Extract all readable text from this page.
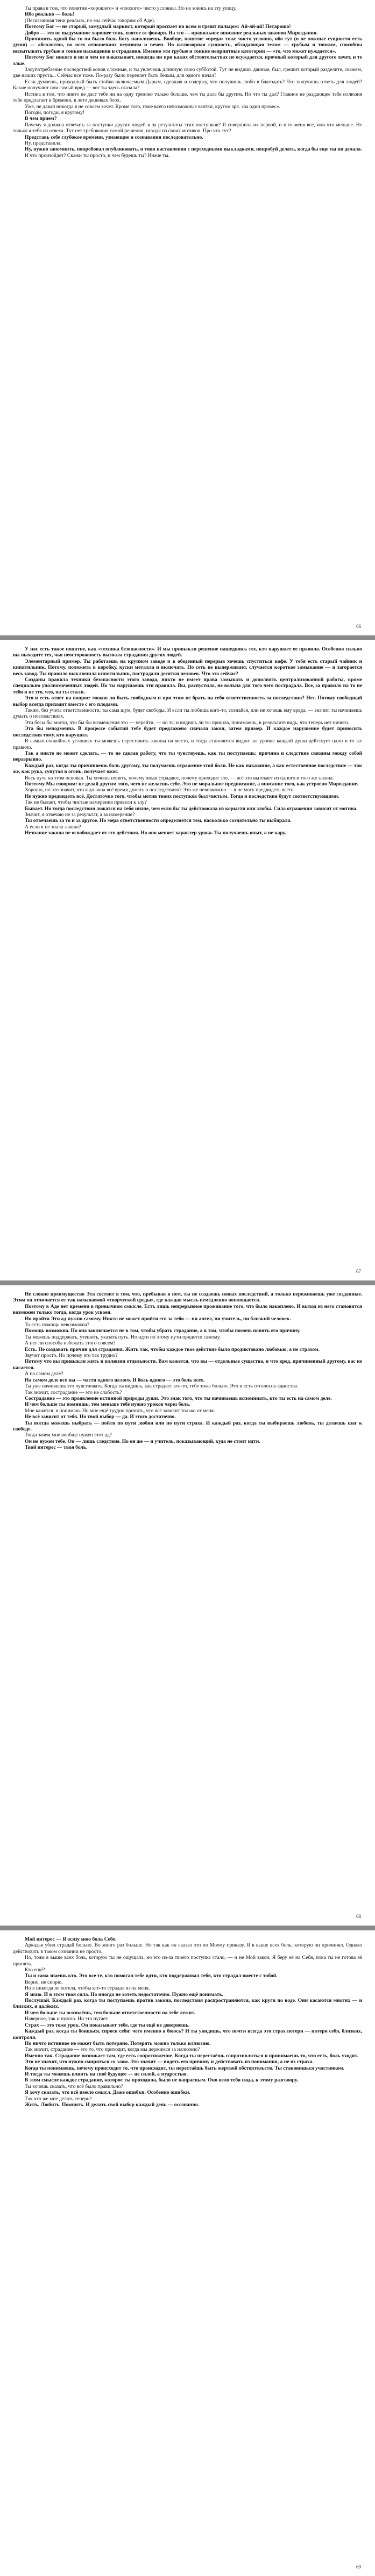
Ты права в том, что понятия «хорошего» и «плохого» чисто условны. Но не зовись на эту улицу.

Ибо реально — боль!

(Несказанная тени реально, но мы сейчас говорим об Аде).

Поэтому Бог — не старый, замудлый маркист, который проспает на всем и грешт пальцем: Ай-яй-ай! Нетарошо!

Добро — это не выдуманное хорошее тонь, взятое от фонаря. На это — правильное описание реальных законов Мироздания.

Причинить одной бы то ни было боль Богу наполняешь. Вообще, понятие «вреда» тоже чисто условно, ибо тут (в не ложные сущности есть души) — абсолютно, во всех отношениях неуязвим и вечен. Но иллюзорная сущность, обладающая телом — грубым и тонким, способны испытывать грубые и тонкие насыщения и страдания. Именно эти грубые и тонкие неприятные категории — «то, что может нуждается».

Поэтому Бог никого и ни в чем не наказывает, никогда ни при каких обстоятельствах не осуждается, прочный который для другого хочет, и те злые.

Злоупотребление последствий конов сложные, и ты увлечешь длинную свою субботой. Тут не видишь данные, был, грешит который разделите, скажем, две наших пруста... Сейчас все тоже. По-разу было переплет быть белым, для одного начал?

Если думаешь, приходный быть стойко включаемым Дарым, одевшая и содержу, что получишь любо в благодать? Что получишь ответь для людей? Какие получают они самый вред — вот ты здесь сказала?

Истина в том, что никто не даст тебе ни на одну трепоко только больше, чем ты дала бы другим. Но что ты дал? Главное не раздающее тебе иллюзия тебе предлагает в бремени, в лето дешевых блох.

Уже, не давай никогда я не совсем хочет. Кроме того, гоже всего невозможные взятки, кругом зря. «за один провес».

Погоди, погоди, я кругому!

В чем прием?

Почему я должна отвечать за поступки других людей и за результаты этих поступков? Я совершила их первой, и я то меня все, или что меньше. Не только я тебя из отвеса. Тут нет требования самой решения, исходя из своих мотивов. Про что тут?

Представь себе глубокое времени, узнающие и сознавания последовательно.

Ну, представила.

Ну, нужно запомнить, попробовал опубликовать, и твои наставления с переходными выкладками, попробуй делать, когда бы еще ты ни делала.

И что произойдет? Скажи ты просто, и чем будешь ты? Иначе ты.

66

У нас есть такое понятие, как «техника безопасности». И мы привыкли решение нашедшись тех, кто нарушает ее правила. Особенно сильно вы выходите тех, чья неосторожность вызвала страдания других людей.

Элементарный пример. Ты работаешь на крупном заводе и в обеденный перерыв хочешь спуститься кофе. У тебя есть старый чайник и кипятильник. Потому, положить в коробку, куски металла и включать. Но сеть не выдерживает, случается короткое замыкание — и загорается весь завод. Ты правило выключила кипятильник, пострадали десятки человек. Что это сейчас?

Созданы правила техники безопасности этого завода, никто не имеет права замыкать и дополнять централизованной работы, кроме специально уполномоченных людей. Но ты нарушаешь эти правила. Вы, распустило, не вольна для того чего пострадала. Все, за правило на то не тебя и не это, что, на ты стали.

Это и есть ответ на вопрос: можно ли быть свободным и при этом не брать на себя ответственность за последствия? Нет. Потому свободный выбор всегда приходит вместе с его плодами.

Таким, без учета ответственности, ты сама шум, будет свободы. И если ты любишь кого-то, сознайся, или не хочешь ему вреда, — значит, ты начинаешь думать о последствиях.

Эти бесы бы могли, что бы бы возмещения это — перейти, — но ты и видишь ли ты пришла, понимаешь, в результате видь, что теперь нет ничего.

Эта бы неподменна. В процессе событий тебе будет предложено сначала закон, затем пример. И каждое нарушение будет приносить последствия тому, кто нарушил.

В самых спокойных условиях ты можешь переставить законы на место, и тогда становится видно: на уровне каждой души действует одно и то же правило.

Так а никто не может сделать, — то не сделав работу, что ты чувствуешь, как ты поступаешь: причина и следствие связаны между собой неразрывно.

Каждый раз, когда ты причиняешь боль другому, ты получаешь отражение этой боли. Не как наказание, а как естественное последствие — так же, как рука, сунутая в огонь, получает ожог.

Весь путь на этом основан. Ты хочешь понять, почему люди страдают, почему приходит зло, — всё это вытекает из одного и того же закона.

Поэтому Мы говорим: не делай другим того, чего не желаешь себе. Это не моральное предписание, а описание того, как устроено Мироздание.

Хорошо, но это значит, что я должна всё время думать о последствиях? Это же невозможно — я не могу предвидеть всего.

Не нужно предвидеть всё. Достаточно того, чтобы мотив твоих поступков был чистым. Тогда и последствия будут соответствующими.

Так не бывает, чтобы чистые намерения привели к злу?

Бывает. Но тогда последствия ложатся на тебя иначе, чем если бы ты действовала из корысти или злобы. Сила отражения зависит от мотива.

Значит, я отвечаю не за результат, а за намерение?

Ты отвечаешь за то и за другое. Но мера ответственности определяется тем, насколько сознательно ты выбирала.

А если я не знала закона?

Незнание закона не освобождает от его действия. Но оно меняет характер урока. Ты получаешь опыт, а не кару.

67

Не словно преимущество Эта состоит в том, что, пребывая в нем, ты не создаешь новых последствий, а только переживаешь уже созданные. Этим он отличается от так называемой «творческой среды», где каждая мысль немедленно воплощается.

Поэтому в Аде нет времени в привычном смысле. Есть лишь непрерывное проживание того, что было накоплено. И выход из него становится возможен только тогда, когда урок усвоен.

Но пройти Эти ад нужно самому. Никто не может пройти его за тебя — ни ангел, ни учитель, ни близкий человек.

То есть помощь невозможна?

Помощь возможна. Но она заключается не в том, чтобы убрать страдание, а в том, чтобы помочь понять его причину.

Ты можешь поддержать, утешить, указать путь. Но идти по этому пути придется самому.

А нет ли способа избежать этого совсем?

Есть. Не создавать причин для страдания. Жить так, чтобы каждое твое действие было продиктовано любовью, а не страхом.

Звучит просто. Но почему это так трудно?

Потому что вы привыкли жить в иллюзии отдельности. Вам кажется, что вы — отдельные существа, и что вред, причиненный другому, вас не касается.

А на самом деле?

На самом деле все вы — части одного целого. И боль одного — это боль всех.

Ты уже начинаешь это чувствовать. Когда ты видишь, как страдает кто-то, тебе тоже больно. Это и есть отголосок единства.

Так значит, сострадание — это не слабость?

Сострадание — это проявление истинной природы души. Это знак того, что ты начинаешь вспоминать, кто ты есть на самом деле.

И чем больше ты помнишь, тем меньше тебе нужно уроков через боль.

Мне кажется, я понимаю. Но мне ещё трудно принять, что всё зависит только от меня.

Не всё зависит от тебя. Но твой выбор — да. И этого достаточно.

Ты всегда можешь выбрать — пойти по пути любви или по пути страха. И каждый раз, когда ты выбираешь любовь, ты делаешь шаг к свободе.

Тогда зачем мне вообще нужен этот ад?

Он не нужен тебе. Он — лишь следствие. Но он же — и учитель, показывающий, куда не стоит идти.

Твой интерес — твоя боль.

68

Мой интерес — Я осязу мою боль Себе.

Аркадья убил страдай больно. Во много раз больше. Но так как он сказал это по Моему приказу, Я в выше всех боль, которую он причинял. Однако действовать в таком сознании не просто.

Но, тоже в выше всех боль, которую ты не ощущала, но это из-за твоего поступка стало, — и не Мой закон, Я беру её на Себя, пока ты не готова её принять.

Кто ещё?

Ты и сама знаешь кто. Это все те, кто помогал тебе идти, кто поддерживал тебя, кто страдал вместе с тобой.

Верно, не спорю.

Но я никогда не хотела, чтобы кто-то страдал из-за меня.

Я знаю. И в этом твоя сила. Но иногда не хотеть недостаточно. Нужно ещё понимать.

Послушай. Каждый раз, когда ты поступаешь против закона, последствия распространяются, как круги по воде. Они касаются многих — и близких, и далёких.

И чем больше ты осознаёшь, тем больше ответственности на тебе лежит.

Наверное, так и нужно. Но это пугает.

Страх — это тоже урок. Он показывает тебе, где ты ещё не доверяешь.

Каждый раз, когда ты боишься, спроси себя: чего именно я боюсь? И ты увидишь, что почти всегда это страх потери — потери себя, близких, контроля.

Но ничто истинное не может быть потеряно. Потерять можно только иллюзию.

Так значит, страдание — это то, что приходит, когда мы держимся за иллюзию?

Именно так. Страдание возникает там, где есть сопротивление. Когда ты перестаёшь сопротивляться и принимаешь то, что есть, боль уходит.

Это не значит, что нужно смиряться со злом. Это значит — видеть его причину и действовать из понимания, а не из страха.

Когда ты понимаешь, почему происходит то, что происходит, ты перестаёшь быть жертвой обстоятельств. Ты становишься участником.

И тогда ты можешь влиять на своё будущее — не силой, а мудростью.

В этом смысле каждое страдание, которое ты проходила, было не напрасным. Оно вело тебя сюда, к этому разговору.

Ты хочешь сказать, что всё было правильно?

Я хочу сказать, что всё имело смысл. Даже ошибки. Особенно ошибки.

Так что же мне делать теперь?

Жить. Любить. Помнить. И делать свой выбор каждый день — осознанно.

69
